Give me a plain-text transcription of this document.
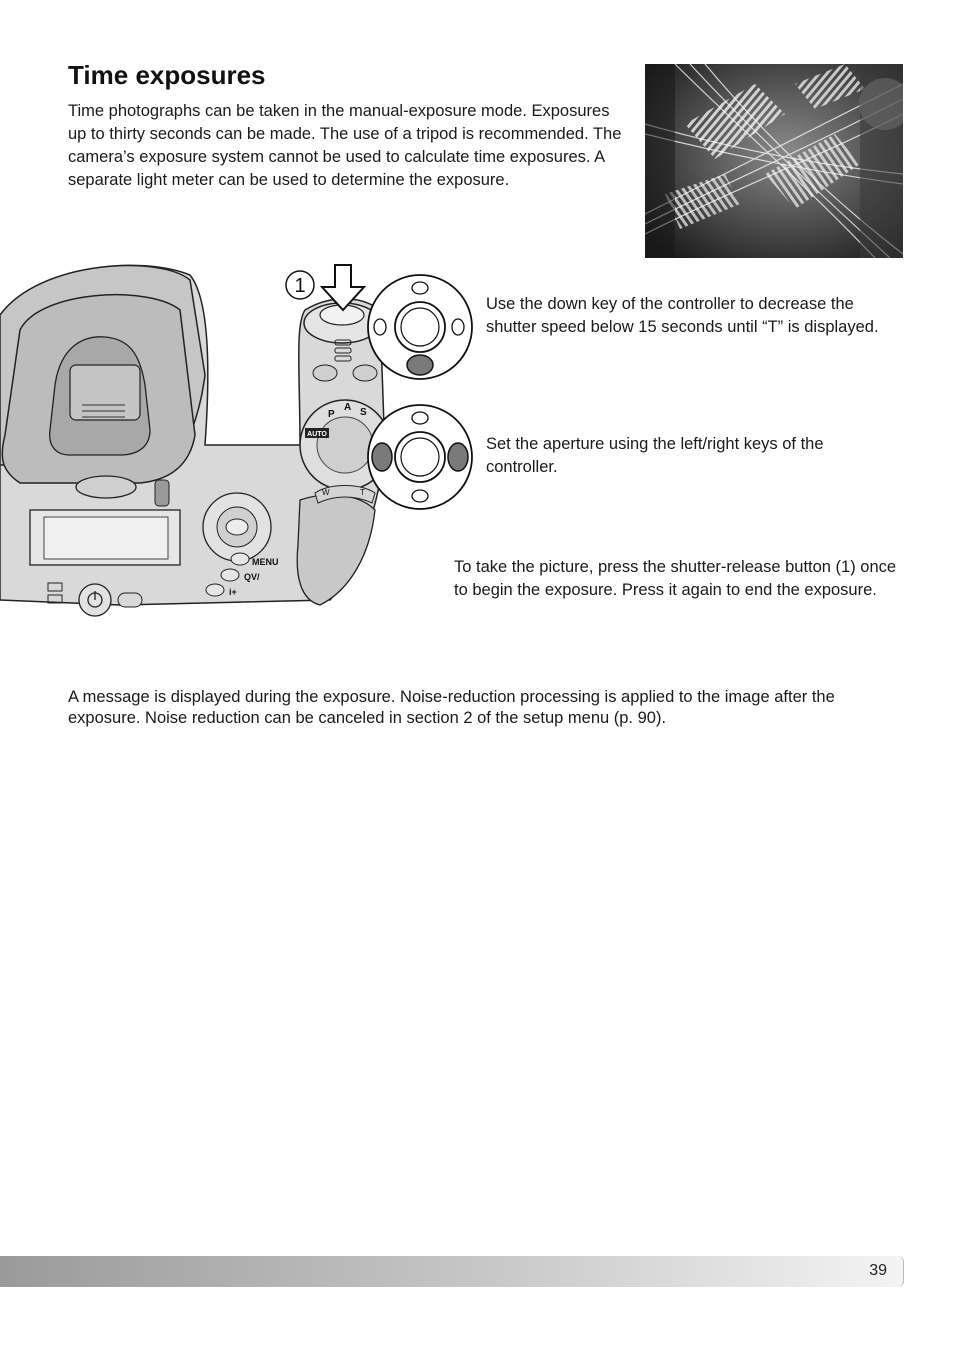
Time exposures

Time photographs can be taken in the manual-exposure mode. Exposures up to thirty seconds can be made. The use of a tripod is recommended. The camera’s exposure system cannot be used to calculate time exposures. A separate light meter can be used to determine the exposure.

1
AUTO
P
A S
W	T
MENU
QV/
i+

Use the down key of the controller to decrease the shutter speed below 15 seconds until “T” is displayed.

Set the aperture using the left/right keys of the controller.

To take the picture, press the shutter-release button (1) once to begin the exposure. Press it again to end the exposure.

A message is displayed during the exposure. Noise-reduction processing is applied to the image after the exposure. Noise reduction can be canceled in section 2 of the setup menu (p. 90).

39
